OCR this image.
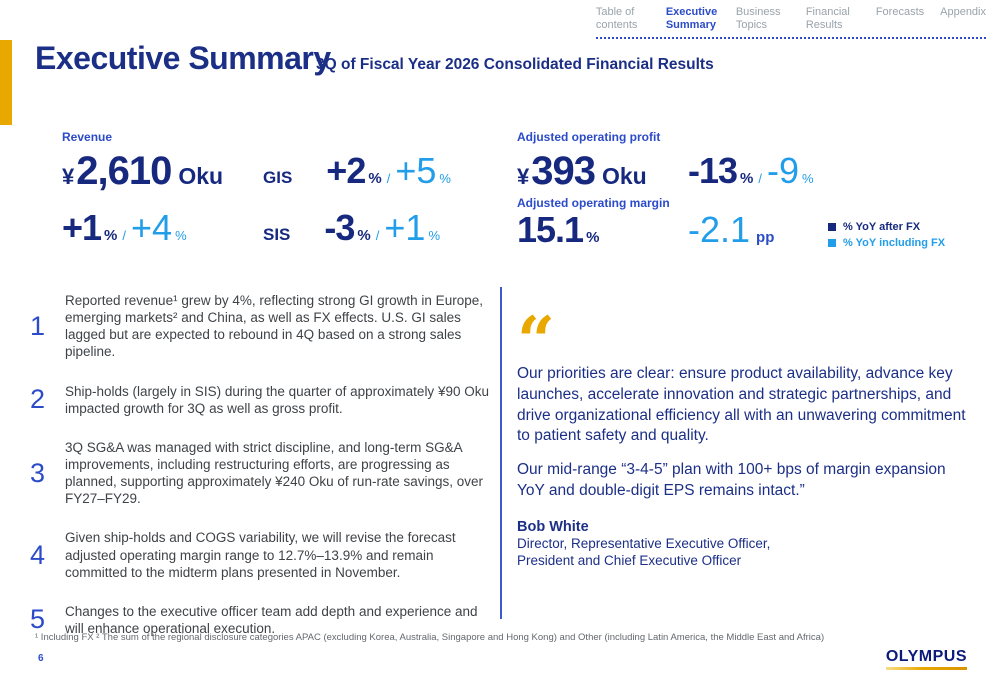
Table of contents
Executive Summary
Business Topics
Financial Results
Forecasts Appendix
Executive Summary
3Q of Fiscal Year 2026 Consolidated Financial Results
Revenue
¥ 2,610 Oku
+1 % / +4 %
GIS +2 % / +5 %
SIS -3 % / +1 %
Adjusted operating profit
¥ 393 Oku -13 % / -9 %
Adjusted operating margin
15.1 % -2.1 pp
% YoY after FX
% YoY including FX
1
Reported revenue¹ grew by 4%, reflecting strong GI growth in Europe, emerging markets² and China, as well as FX effects. U.S. GI sales lagged but are expected to rebound in 4Q based on a strong sales pipeline.
2	Ship-holds (largely in SIS) during the quarter of approximately ¥90 Oku impacted growth for 3Q as well as gross profit.
3
3Q SG&A was managed with strict discipline, and long-term SG&A improvements, including restructuring efforts, are progressing as planned, supporting approximately ¥240 Oku of run-rate savings, over FY27–FY29.
4
Given ship-holds and COGS variability, we will revise the forecast adjusted operating margin range to 12.7%–13.9% and remain committed to the midterm plans presented in November.
5	Changes to the executive officer team add depth and experience and will enhance operational execution.
“

Our priorities are clear: ensure product availability, advance key launches, accelerate innovation and strategic partnerships, and drive organizational efficiency all with an unwavering commitment to patient safety and quality.

Our mid-range “3-4-5” plan with 100+ bps of margin expansion YoY and double-digit EPS remains intact.”

Bob White
Director, Representative Executive Officer,
President and Chief Executive Officer
¹ Including FX ² The sum of the regional disclosure categories APAC (excluding Korea, Australia, Singapore and Hong Kong) and Other (including Latin America, the Middle East and Africa)
6	OLYMPUS
